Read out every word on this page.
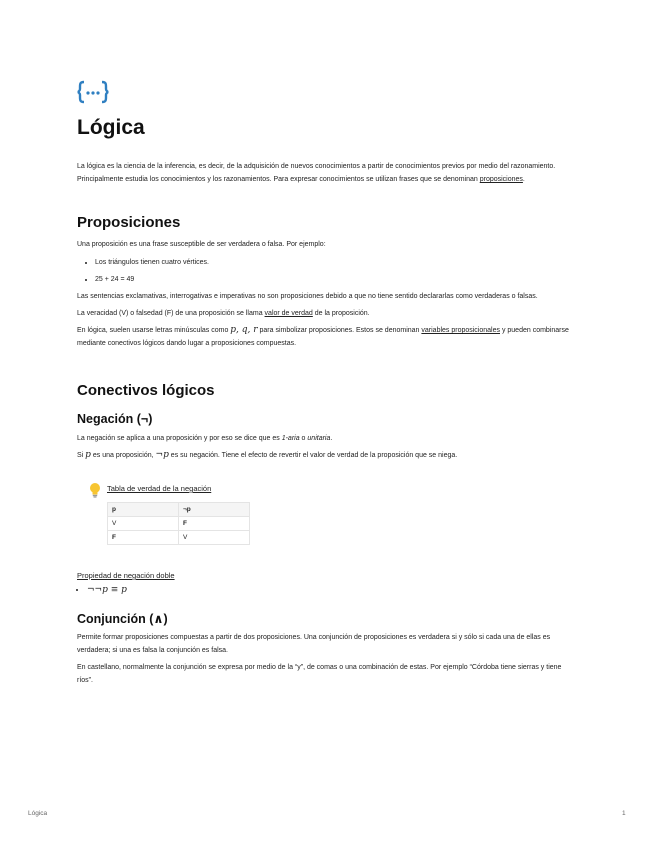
Lógica

La lógica es la ciencia de la inferencia, es decir, de la adquisición de nuevos conocimientos a partir de conocimientos previos por medio del razonamiento. Principalmente estudia los conocimientos y los razonamientos. Para expresar conocimientos se utilizan frases que se denominan proposiciones.

Proposiciones

Una proposición es una frase susceptible de ser verdadera o falsa. Por ejemplo:

• Los triángulos tienen cuatro vértices.
• 25 + 24 = 49

Las sentencias exclamativas, interrogativas e imperativas no son proposiciones debido a que no tiene sentido declararlas como verdaderas o falsas.

La veracidad (V) o falsedad (F) de una proposición se llama valor de verdad de la proposición.

En lógica, suelen usarse letras minúsculas como p, q, r para simbolizar proposiciones. Estos se denominan variables proposicionales y pueden combinarse mediante conectivos lógicos dando lugar a proposiciones compuestas.

Conectivos lógicos
Negación (¬)

La negación se aplica a una proposición y por eso se dice que es 1-aria o unitaria.

Si p es una proposición, ¬p es su negación. Tiene el efecto de revertir el valor de verdad de la proposición que se niega.

Tabla de verdad de la negación

p	¬p
V	F
F	V

Propiedad de negación doble

• ¬¬p ≡ p
Conjunción (∧)

Permite formar proposiciones compuestas a partir de dos proposiciones. Una conjunción de proposiciones es verdadera si y sólo si cada una de ellas es verdadera; si una es falsa la conjunción es falsa.

En castellano, normalmente la conjunción se expresa por medio de la “y”, de comas o una combinación de estas. Por ejemplo “Córdoba tiene sierras y tiene ríos”.

Lógica	1
